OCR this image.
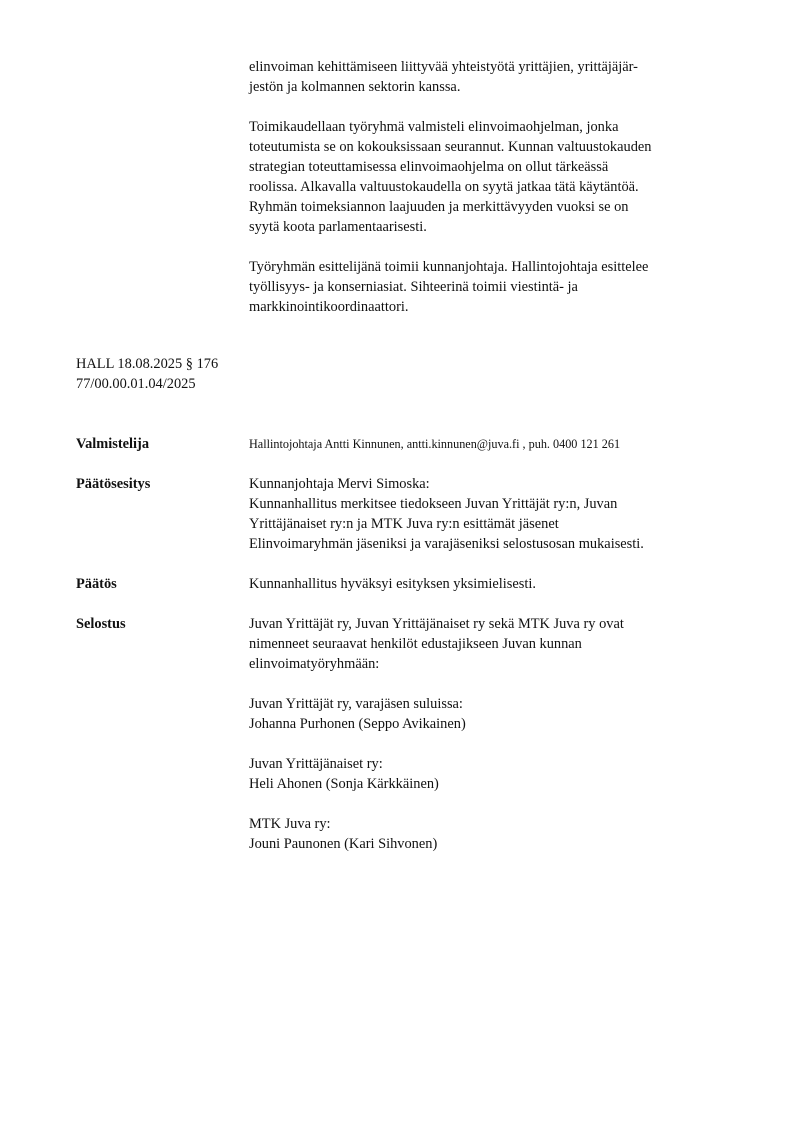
elinvoiman kehittämiseen liittyvää yhteistyötä yrittäjien, yrittäjäjär-
jestön ja kolmannen sektorin kanssa.
Toimikaudellaan työryhmä valmisteli elinvoimaohjelman, jonka
toteutumista se on kokouksissaan seurannut. Kunnan valtuustokauden
strategian toteuttamisessa elinvoimaohjelma on ollut tärkeässä
roolissa. Alkavalla valtuustokaudella on syytä jatkaa tätä käytäntöä.
Ryhmän toimeksiannon laajuuden ja merkittävyyden vuoksi se on
syytä koota parlamentaarisesti.
Työryhmän esittelijänä toimii kunnanjohtaja. Hallintojohtaja esittelee
työllisyys- ja konserniasiat. Sihteerinä toimii viestintä- ja
markkinointikoordinaattori.
HALL 18.08.2025 § 176
77/00.00.01.04/2025
Valmistelija	Hallintojohtaja Antti Kinnunen, antti.kinnunen@juva.fi , puh. 0400 121 261
Päätösesitys	Kunnanjohtaja Mervi Simoska:
Kunnanhallitus merkitsee tiedokseen Juvan Yrittäjät ry:n, Juvan
Yrittäjänaiset ry:n ja MTK Juva ry:n esittämät jäsenet
Elinvoimaryhmän jäseniksi ja varajäseniksi selostusosan mukaisesti.
Päätös	Kunnanhallitus hyväksyi esityksen yksimielisesti.
Selostus	Juvan Yrittäjät ry, Juvan Yrittäjänaiset ry sekä MTK Juva ry ovat
nimenneet seuraavat henkilöt edustajikseen Juvan kunnan
elinvoimatyöryhmään:
Juvan Yrittäjät ry, varajäsen suluissa:
Johanna Purhonen (Seppo Avikainen)
Juvan Yrittäjänaiset ry:
Heli Ahonen (Sonja Kärkkäinen)
MTK Juva ry:
Jouni Paunonen (Kari Sihvonen)
